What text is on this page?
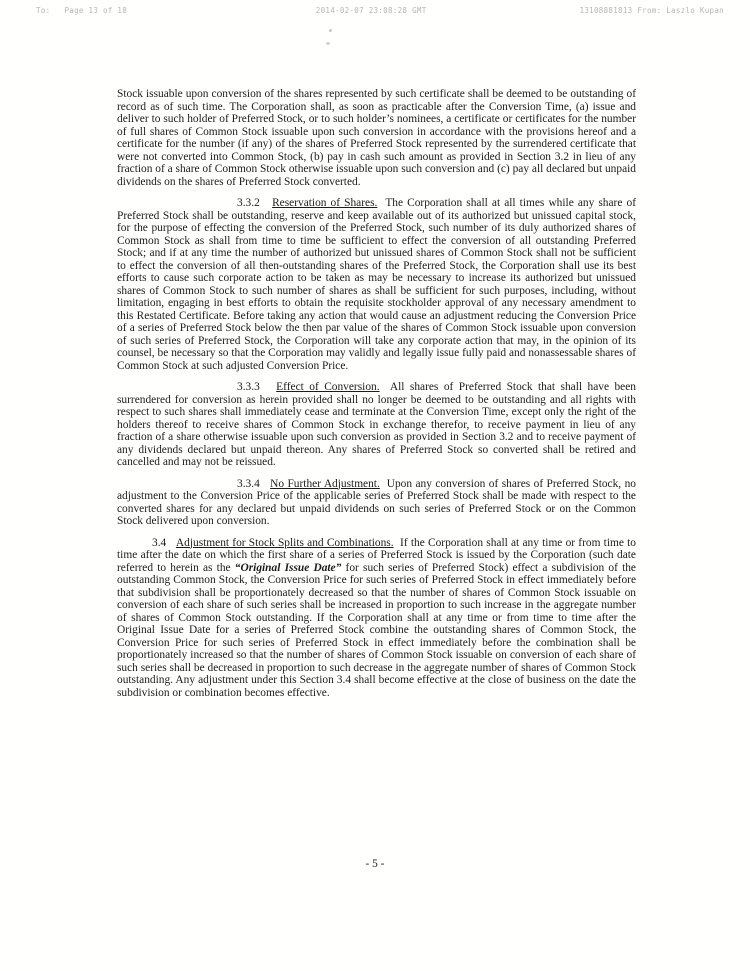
To: Page 13 of 18	2014-02-07 23:08:28 GMT	13108881813 From: Laszlo Kupan

Stock issuable upon conversion of the shares represented by such certificate shall be deemed to be outstanding of record as of such time. The Corporation shall, as soon as practicable after the Conversion Time, (a) issue and deliver to such holder of Preferred Stock, or to such holder’s nominees, a certificate or certificates for the number of full shares of Common Stock issuable upon such conversion in accordance with the provisions hereof and a certificate for the number (if any) of the shares of Preferred Stock represented by the surrendered certificate that were not converted into Common Stock, (b) pay in cash such amount as provided in Section 3.2 in lieu of any fraction of a share of Common Stock otherwise issuable upon such conversion and (c) pay all declared but unpaid dividends on the shares of Preferred Stock converted.

3.3.2 Reservation of Shares. The Corporation shall at all times while any share of Preferred Stock shall be outstanding, reserve and keep available out of its authorized but unissued capital stock, for the purpose of effecting the conversion of the Preferred Stock, such number of its duly authorized shares of Common Stock as shall from time to time be sufficient to effect the conversion of all outstanding Preferred Stock; and if at any time the number of authorized but unissued shares of Common Stock shall not be sufficient to effect the conversion of all then-outstanding shares of the Preferred Stock, the Corporation shall use its best efforts to cause such corporate action to be taken as may be necessary to increase its authorized but unissued shares of Common Stock to such number of shares as shall be sufficient for such purposes, including, without limitation, engaging in best efforts to obtain the requisite stockholder approval of any necessary amendment to this Restated Certificate. Before taking any action that would cause an adjustment reducing the Conversion Price of a series of Preferred Stock below the then par value of the shares of Common Stock issuable upon conversion of such series of Preferred Stock, the Corporation will take any corporate action that may, in the opinion of its counsel, be necessary so that the Corporation may validly and legally issue fully paid and nonassessable shares of Common Stock at such adjusted Conversion Price.

3.3.3 Effect of Conversion. All shares of Preferred Stock that shall have been surrendered for conversion as herein provided shall no longer be deemed to be outstanding and all rights with respect to such shares shall immediately cease and terminate at the Conversion Time, except only the right of the holders thereof to receive shares of Common Stock in exchange therefor, to receive payment in lieu of any fraction of a share otherwise issuable upon such conversion as provided in Section 3.2 and to receive payment of any dividends declared but unpaid thereon. Any shares of Preferred Stock so converted shall be retired and cancelled and may not be reissued.

3.3.4 No Further Adjustment. Upon any conversion of shares of Preferred Stock, no adjustment to the Conversion Price of the applicable series of Preferred Stock shall be made with respect to the converted shares for any declared but unpaid dividends on such series of Preferred Stock or on the Common Stock delivered upon conversion.

3.4 Adjustment for Stock Splits and Combinations. If the Corporation shall at any time or from time to time after the date on which the first share of a series of Preferred Stock is issued by the Corporation (such date referred to herein as the “Original Issue Date” for such series of Preferred Stock) effect a subdivision of the outstanding Common Stock, the Conversion Price for such series of Preferred Stock in effect immediately before that subdivision shall be proportionately decreased so that the number of shares of Common Stock issuable on conversion of each share of such series shall be increased in proportion to such increase in the aggregate number of shares of Common Stock outstanding. If the Corporation shall at any time or from time to time after the Original Issue Date for a series of Preferred Stock combine the outstanding shares of Common Stock, the Conversion Price for such series of Preferred Stock in effect immediately before the combination shall be proportionately increased so that the number of shares of Common Stock issuable on conversion of each share of such series shall be decreased in proportion to such decrease in the aggregate number of shares of Common Stock outstanding. Any adjustment under this Section 3.4 shall become effective at the close of business on the date the subdivision or combination becomes effective.

- 5 -
